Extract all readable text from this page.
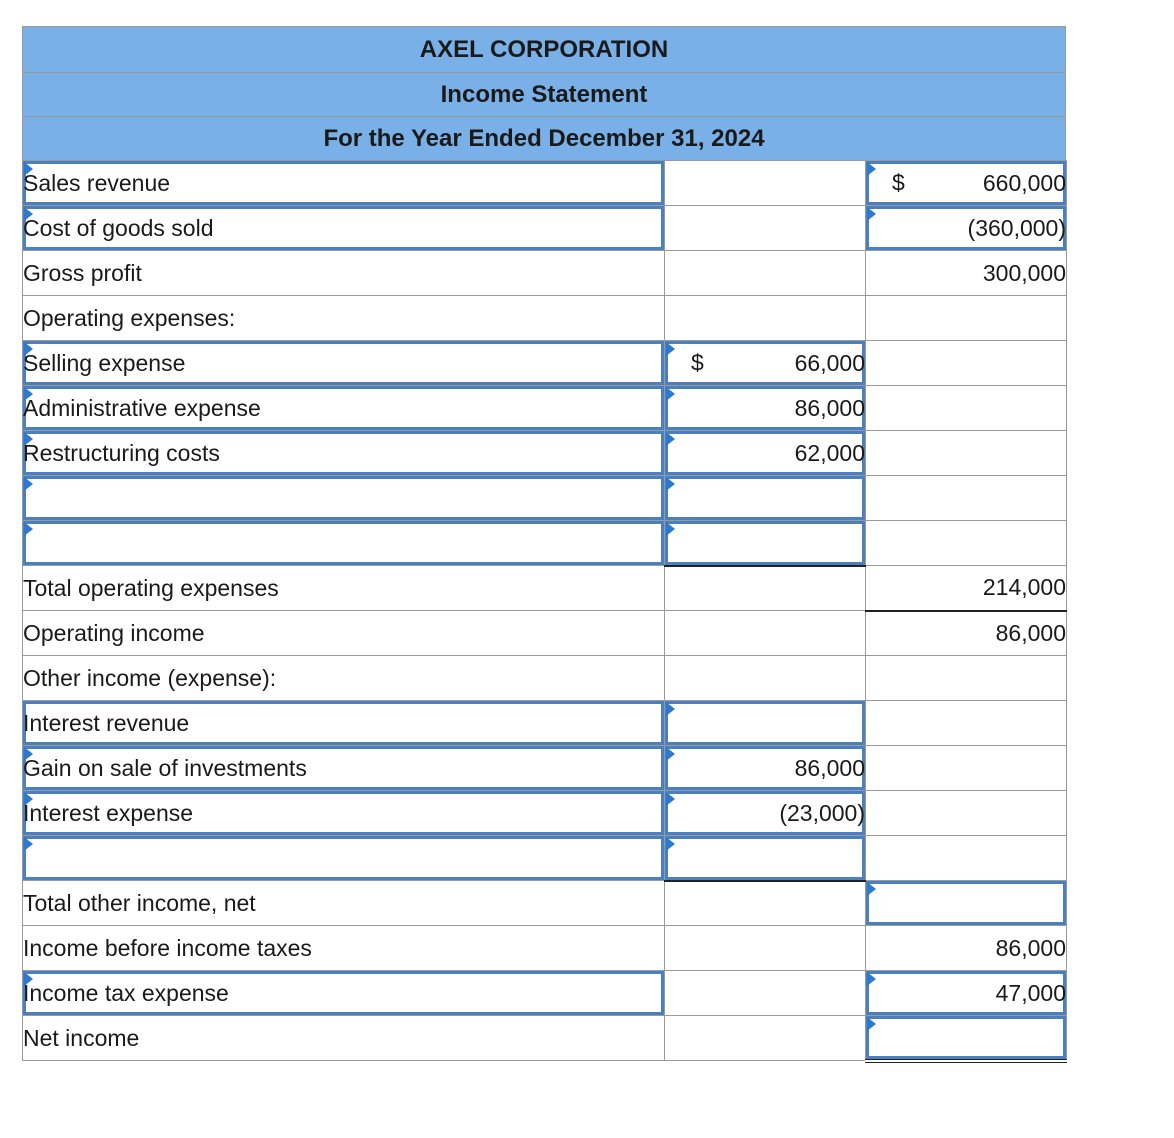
AXEL CORPORATION
Income Statement
For the Year Ended December 31, 2024
Sales revenue		$ 660,000

Cost of goods sold		(360,000)
Gross profit		300,000
Operating expenses:		

Selling expense	$ 66,000	

Administrative expense	86,000	

Restructuring costs	62,000	

Total operating expenses		214,000
Operating income		86,000
Other income (expense):		
Interest revenue	

Gain on sale of investments	86,000	

Interest expense	(23,000)	

Total other income, net		

Income before income taxes		86,000

Income tax expense		47,000
Net income		
